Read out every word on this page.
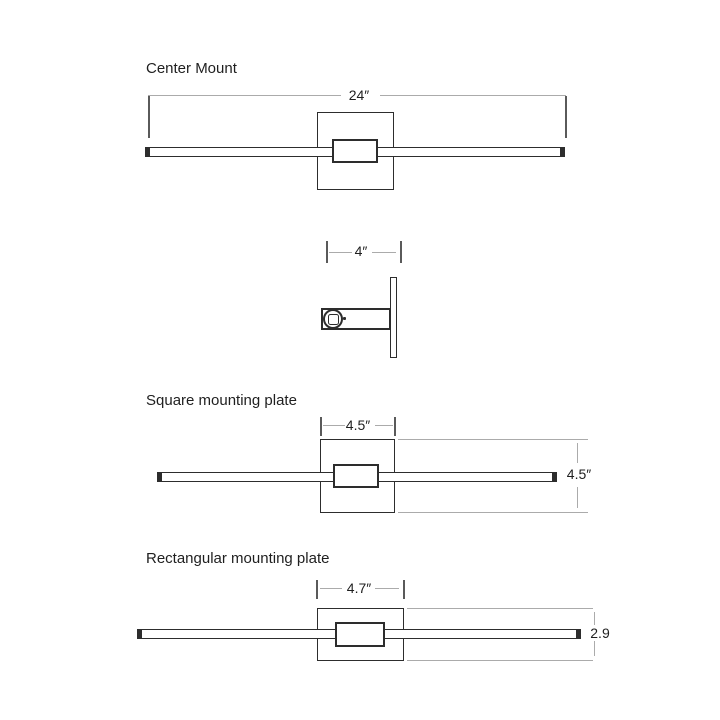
Center Mount
24″
4″
Square mounting plate
4.5″
4.5″
Rectangular mounting plate
4.7″
2.9
